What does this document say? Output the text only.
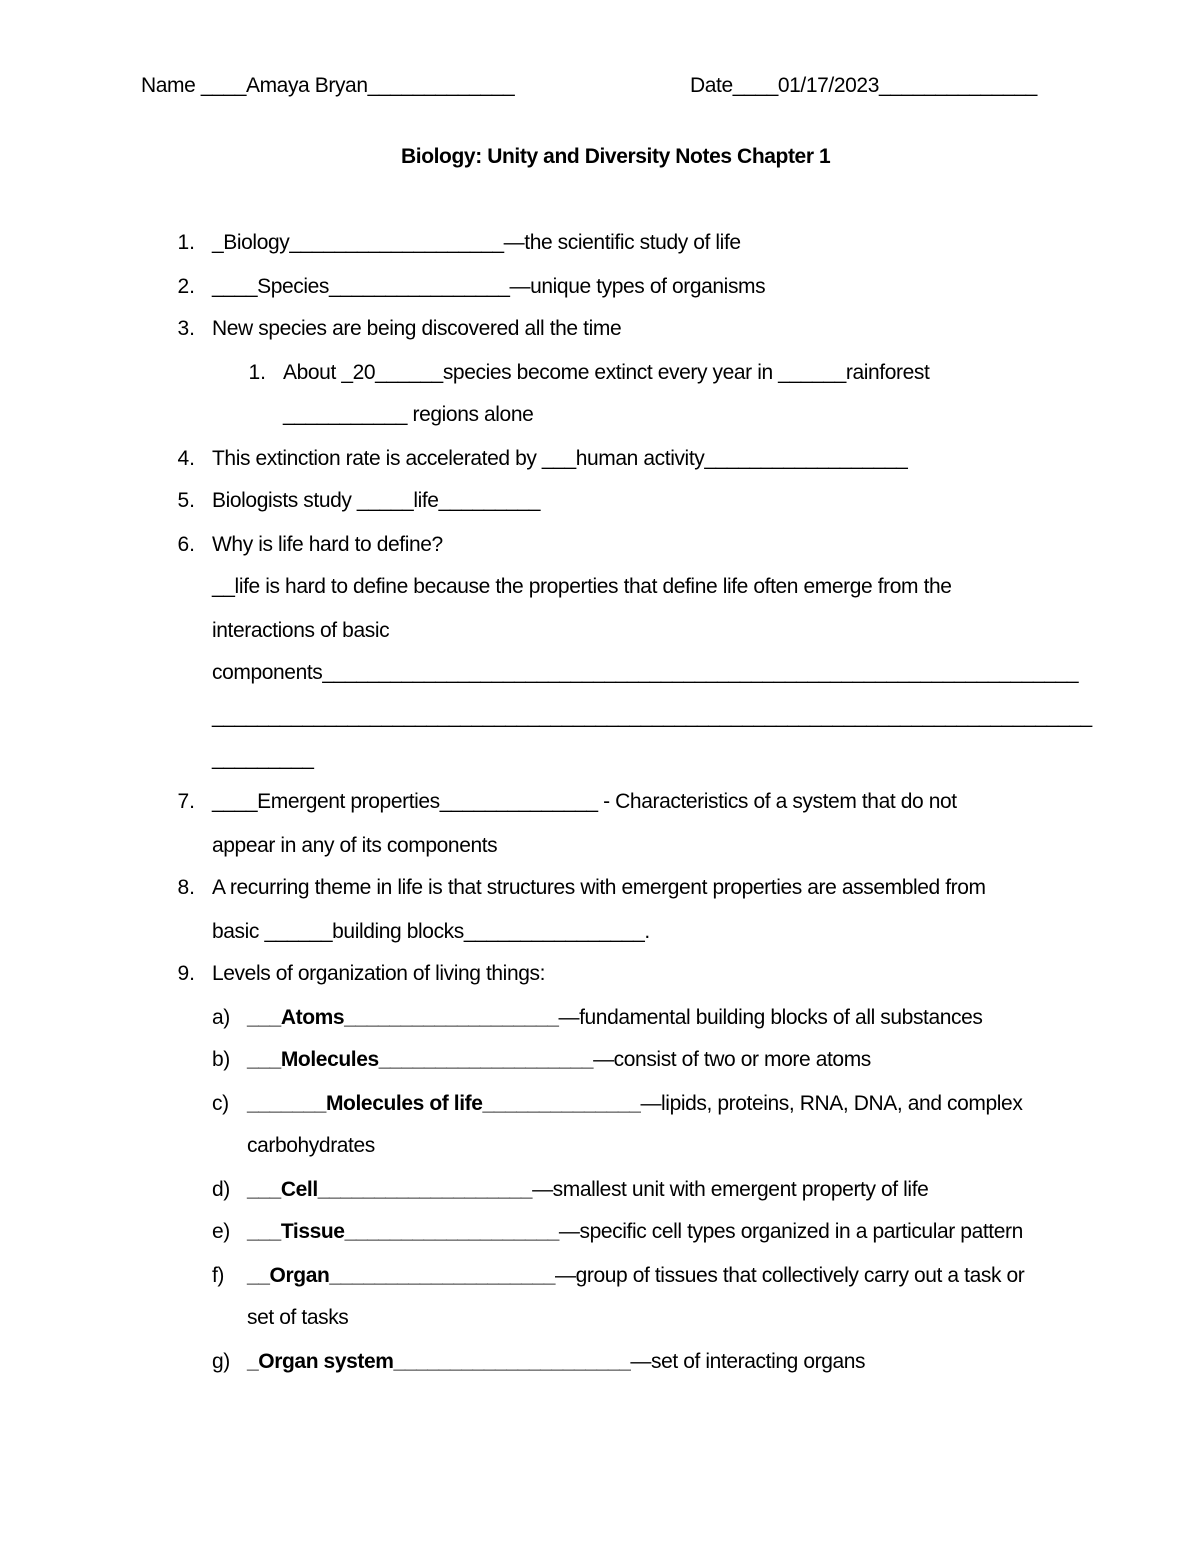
Name ____Amaya Bryan_____________	Date____01/17/2023______________
Biology: Unity and Diversity Notes Chapter 1
1. _Biology___________________—the scientific study of life
2. ____Species________________—unique types of organisms
3. New species are being discovered all the time
1. About _20______species become extinct every year in ______rainforest
___________ regions alone
4. This extinction rate is accelerated by ___human activity__________________
5. Biologists study _____life_________
6. Why is life hard to define?
__life is hard to define because the properties that define life often emerge from the
interactions of basic
components___________________________________________________________________
______________________________________________________________________________
_________
7. ____Emergent properties______________ - Characteristics of a system that do not
appear in any of its components
8. A recurring theme in life is that structures with emergent properties are assembled from
basic ______building blocks________________.
9. Levels of organization of living things:
a) ___Atoms___________________—fundamental building blocks of all substances
b) ___Molecules___________________—consist of two or more atoms
c) _______Molecules of life______________—lipids, proteins, RNA, DNA, and complex
carbohydrates
d) ___Cell___________________—smallest unit with emergent property of life
e) ___Tissue___________________—specific cell types organized in a particular pattern
f) __Organ____________________—group of tissues that collectively carry out a task or
set of tasks
g) _Organ system_____________________—set of interacting organs
